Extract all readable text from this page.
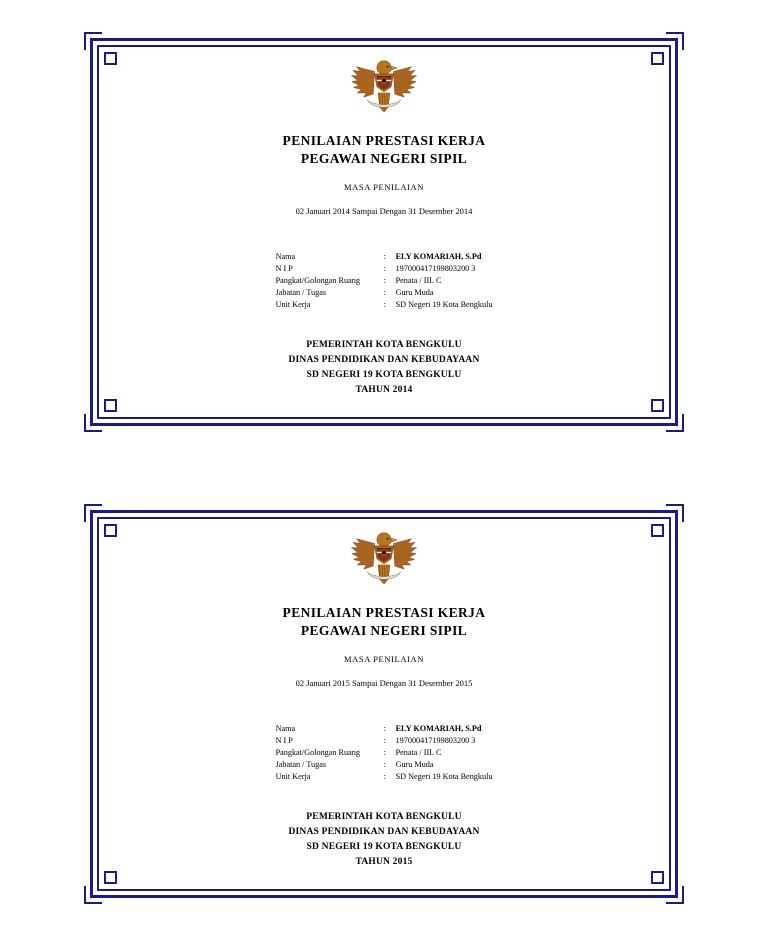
PENILAIAN PRESTASI KERJA
PEGAWAI NEGERI SIPIL
MASA PENILAIAN
02 Januari 2014 Sampai Dengan 31 Desember 2014
Nama	:	ELY KOMARIAH, S.Pd
N I P	:	197000417199803200 3
Pangkat/Golongan Ruang	:	Penata / III. C
Jabatan / Tugas	:	Guru Muda
Unit Kerja	:	SD Negeri 19 Kota Bengkulu
PEMERINTAH KOTA BENGKULU
DINAS PENDIDIKAN DAN KEBUDAYAAN
SD NEGERI 19 KOTA BENGKULU
TAHUN 2014
PENILAIAN PRESTASI KERJA
PEGAWAI NEGERI SIPIL
MASA PENILAIAN
02 Januari 2015 Sampai Dengan 31 Desember 2015
Nama	:	ELY KOMARIAH, S.Pd
N I P	:	197000417199803200 3
Pangkat/Golongan Ruang	:	Penata / III. C
Jabatan / Tugas	:	Guru Muda
Unit Kerja	:	SD Negeri 19 Kota Bengkulu
PEMERINTAH KOTA BENGKULU
DINAS PENDIDIKAN DAN KEBUDAYAAN
SD NEGERI 19 KOTA BENGKULU
TAHUN 2015
